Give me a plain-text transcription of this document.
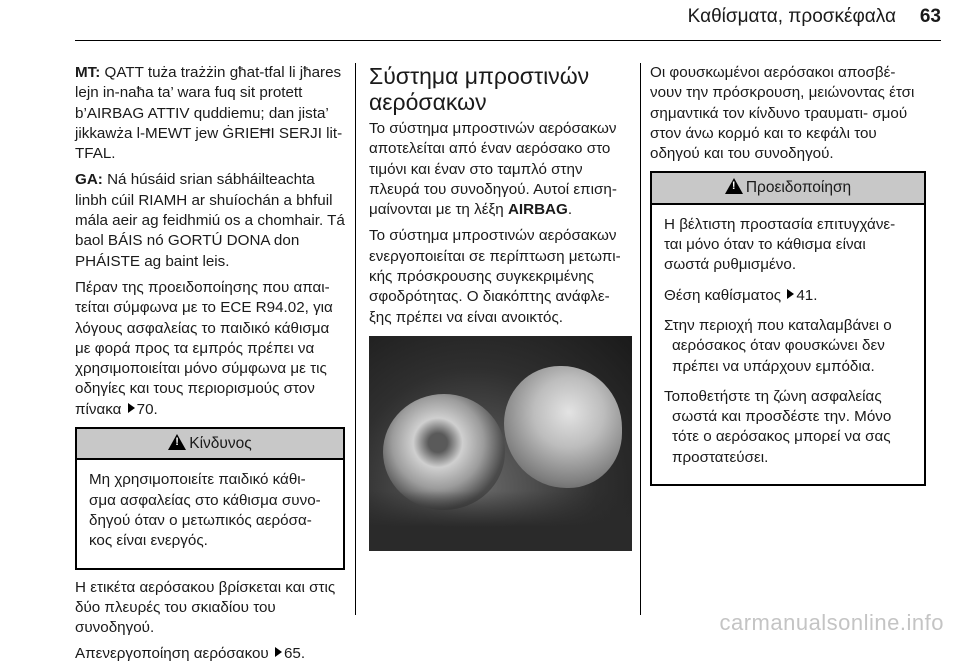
Καθίσματα, προσκέφαλα 63

MT: QATT tuża trażżin għat-tfal li jħares lejn in-naħa ta’ wara fuq sit protett b’AIRBAG ATTIV quddiemu; dan jista’ jikkawża l-MEWT jew ĠRIEĦI SERJI lit-TFAL.

GA: Ná húsáid srian sábháilteachta linbh cúil RIAMH ar shuíochán a bhfuil mála aeir ag feidhmiú os a chomhair. Tá baol BÁIS nó GORTÚ DONA don PHÁISTE ag baint leis.

Πέραν της προειδοποίησης που απαι‐ τείται σύμφωνα με το ECE R94.02, για λόγους ασφαλείας το παιδικό κάθισμα με φορά προς τα εμπρός πρέπει να χρησιμοποιείται μόνο σύμφωνα με τις οδηγίες και τους περιορισμούς στον πίνακα 70.

!Κίνδυνος

Μη χρησιμοποιείτε παιδικό κάθι‐ σμα ασφαλείας στο κάθισμα συνο‐ δηγού όταν ο μετωπικός αερόσα‐ κος είναι ενεργός.

Η ετικέτα αερόσακου βρίσκεται και στις δύο πλευρές του σκιαδίου του συνοδηγού.

Απενεργοποίηση αερόσακου 65.

Σύστημα μπροστινών αερόσακων

Το σύστημα μπροστινών αερόσακων αποτελείται από έναν αερόσακο στο τιμόνι και έναν στο ταμπλό στην πλευρά του συνοδηγού. Αυτοί επιση‐ μαίνονται με τη λέξη AIRBAG.

Το σύστημα μπροστινών αερόσακων ενεργοποιείται σε περίπτωση μετωπι‐ κής πρόσκρουσης συγκεκριμένης σφοδρότητας. Ο διακόπτης ανάφλε‐ ξης πρέπει να είναι ανοικτός.

Οι φουσκωμένοι αερόσακοι αποσβέ‐ νουν την πρόσκρουση, μειώνοντας έτσι σημαντικά τον κίνδυνο τραυματι‐ σμού στον άνω κορμό και το κεφάλι του οδηγού και του συνοδηγού.

!Προειδοποίηση

Η βέλτιστη προστασία επιτυγχάνε‐ ται μόνο όταν το κάθισμα είναι σωστά ρυθμισμένο.

Θέση καθίσματος 41.

Στην περιοχή που καταλαμβάνει ο αερόσακος όταν φουσκώνει δεν πρέπει να υπάρχουν εμπόδια.

Τοποθετήστε τη ζώνη ασφαλείας σωστά και προσδέστε την. Μόνο τότε ο αερόσακος μπορεί να σας προστατεύσει.

carmanualsonline.info
